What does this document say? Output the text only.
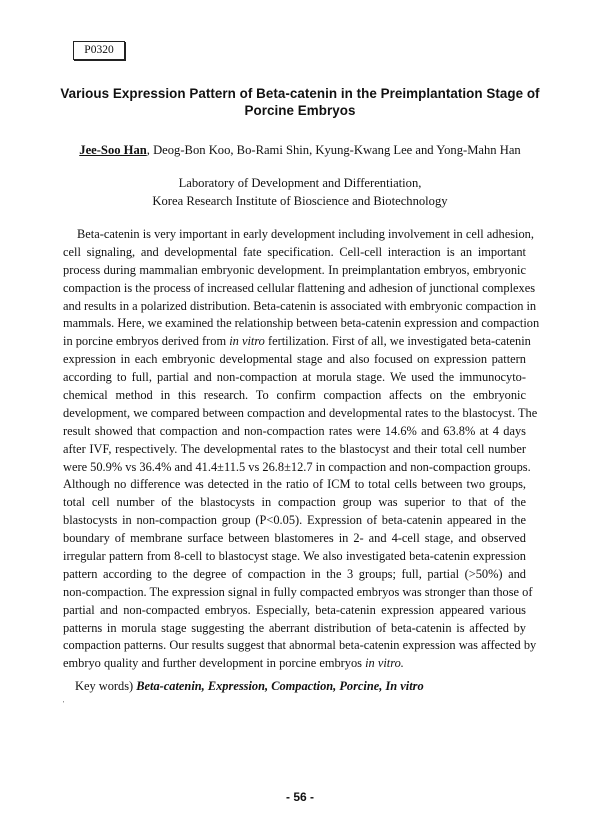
P0320
Various Expression Pattern of Beta-catenin in the Preimplantation Stage of Porcine Embryos
Jee-Soo Han, Deog-Bon Koo, Bo-Rami Shin, Kyung-Kwang Lee and Yong-Mahn Han
Laboratory of Development and Differentiation,
Korea Research Institute of Bioscience and Biotechnology
Beta-catenin is very important in early development including involvement in cell adhesion,
cell signaling, and developmental fate specification. Cell-cell interaction is an important
process during mammalian embryonic development. In preimplantation embryos, embryonic
compaction is the process of increased cellular flattening and adhesion of junctional complexes
and results in a polarized distribution. Beta-catenin is associated with embryonic compaction in
mammals. Here, we examined the relationship between beta-catenin expression and compaction
in porcine embryos derived from in vitro fertilization. First of all, we investigated beta-catenin
expression in each embryonic developmental stage and also focused on expression pattern
according to full, partial and non-compaction at morula stage. We used the immunocyto-
chemical method in this research. To confirm compaction affects on the embryonic
development, we compared between compaction and developmental rates to the blastocyst. The
result showed that compaction and non-compaction rates were 14.6% and 63.8% at 4 days
after IVF, respectively. The developmental rates to the blastocyst and their total cell number
were 50.9% vs 36.4% and 41.4±11.5 vs 26.8±12.7 in compaction and non-compaction groups.
Although no difference was detected in the ratio of ICM to total cells between two groups,
total cell number of the blastocysts in compaction group was superior to that of the
blastocysts in non-compaction group (P<0.05). Expression of beta-catenin appeared in the
boundary of membrane surface between blastomeres in 2- and 4-cell stage, and observed
irregular pattern from 8-cell to blastocyst stage. We also investigated beta-catenin expression
pattern according to the degree of compaction in the 3 groups; full, partial (>50%) and
non-compaction. The expression signal in fully compacted embryos was stronger than those of
partial and non-compacted embryos. Especially, beta-catenin expression appeared various
patterns in morula stage suggesting the aberrant distribution of beta-catenin is affected by
compaction patterns. Our results suggest that abnormal beta-catenin expression was affected by
embryo quality and further development in porcine embryos in vitro.
Key words) Beta-catenin, Expression, Compaction, Porcine, In vitro
'
- 56 -
